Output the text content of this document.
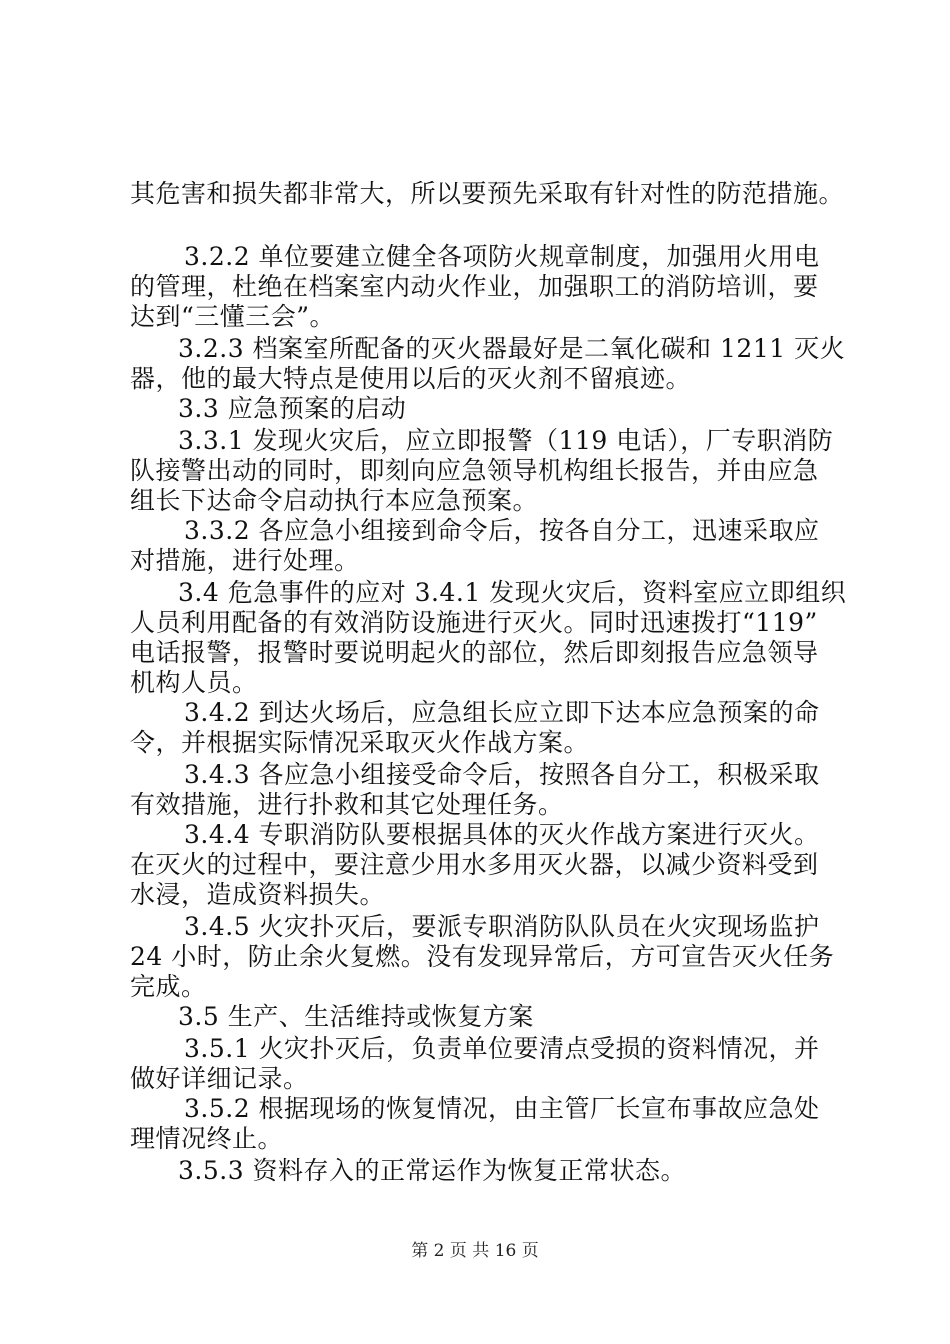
其危害和损失都非常大，所以要预先采取有针对性的防范措施。
3.2.2 单位要建立健全各项防火规章制度，加强用火用电
的管理，杜绝在档案室内动火作业，加强职工的消防培训，要
达到“三懂三会”。
3.2.3 档案室所配备的灭火器最好是二氧化碳和 1211 灭火
器，他的最大特点是使用以后的灭火剂不留痕迹。
3.3 应急预案的启动
3.3.1 发现火灾后，应立即报警（119 电话），厂专职消防
队接警出动的同时，即刻向应急领导机构组长报告，并由应急
组长下达命令启动执行本应急预案。
3.3.2 各应急小组接到命令后，按各自分工，迅速采取应
对措施，进行处理。
3.4 危急事件的应对 3.4.1 发现火灾后，资料室应立即组织
人员利用配备的有效消防设施进行灭火。同时迅速拨打“119”
电话报警，报警时要说明起火的部位，然后即刻报告应急领导
机构人员。
3.4.2 到达火场后，应急组长应立即下达本应急预案的命
令，并根据实际情况采取灭火作战方案。
3.4.3 各应急小组接受命令后，按照各自分工，积极采取
有效措施，进行扑救和其它处理任务。
3.4.4 专职消防队要根据具体的灭火作战方案进行灭火。
在灭火的过程中，要注意少用水多用灭火器，以减少资料受到
水浸，造成资料损失。
3.4.5 火灾扑灭后，要派专职消防队队员在火灾现场监护
24 小时，防止余火复燃。没有发现异常后，方可宣告灭火任务
完成。
3.5 生产、生活维持或恢复方案
3.5.1 火灾扑灭后，负责单位要清点受损的资料情况，并
做好详细记录。
3.5.2 根据现场的恢复情况，由主管厂长宣布事故应急处
理情况终止。
3.5.3 资料存入的正常运作为恢复正常状态。
第 2 页 共 16 页
